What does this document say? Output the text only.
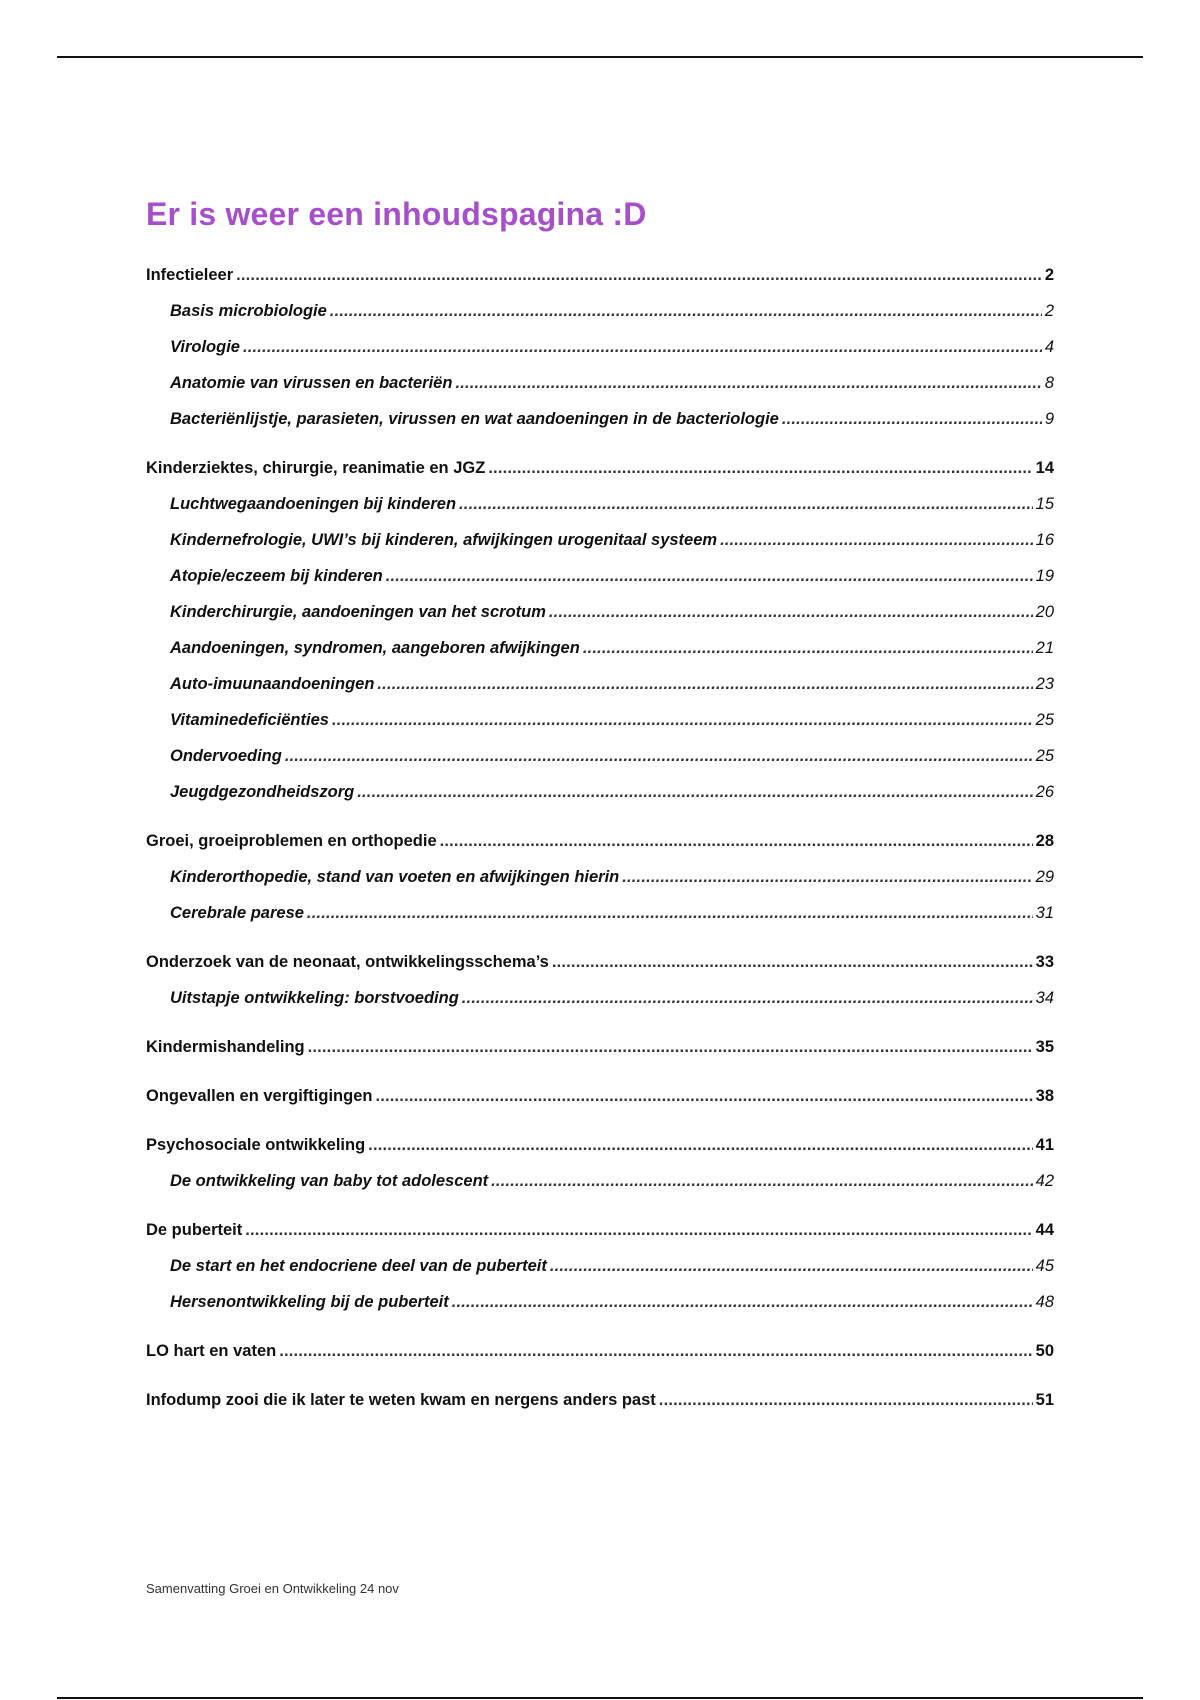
Er is weer een inhoudspagina :D
Infectieleer . . .	2
Basis microbiologie . . .	2
Virologie . . .	4
Anatomie van virussen en bacteriën . . .	8
Bacteriënlijstje, parasieten, virussen en wat aandoeningen in de bacteriologie . . .	9
Kinderziektes, chirurgie, reanimatie en JGZ . . .	14
Luchtwegaandoeningen bij kinderen . . .	15
Kindernefrologie, UWI’s bij kinderen, afwijkingen urogenitaal systeem . . .	16
Atopie/eczeem bij kinderen . . .	19
Kinderchirurgie, aandoeningen van het scrotum . . .	20
Aandoeningen, syndromen, aangeboren afwijkingen . . .	21
Auto-imuunaandoeningen . . .	23
Vitaminedeficiënties . . .	25
Ondervoeding . . .	25
Jeugdgezondheidszorg . . .	26
Groei, groeiproblemen en orthopedie . . .	28
Kinderorthopedie, stand van voeten en afwijkingen hierin . . .	29
Cerebrale parese . . .	31
Onderzoek van de neonaat, ontwikkelingsschema’s . . .	33
Uitstapje ontwikkeling: borstvoeding . . .	34
Kindermishandeling . . .	35
Ongevallen en vergiftigingen . . .	38
Psychosociale ontwikkeling . . .	41
De ontwikkeling van baby tot adolescent . . .	42
De puberteit . . .	44
De start en het endocriene deel van de puberteit . . .	45
Hersenontwikkeling bij de puberteit . . .	48
LO hart en vaten . . .	50
Infodump zooi die ik later te weten kwam en nergens anders past . . .	51
Samenvatting Groei en Ontwikkeling 24 nov
